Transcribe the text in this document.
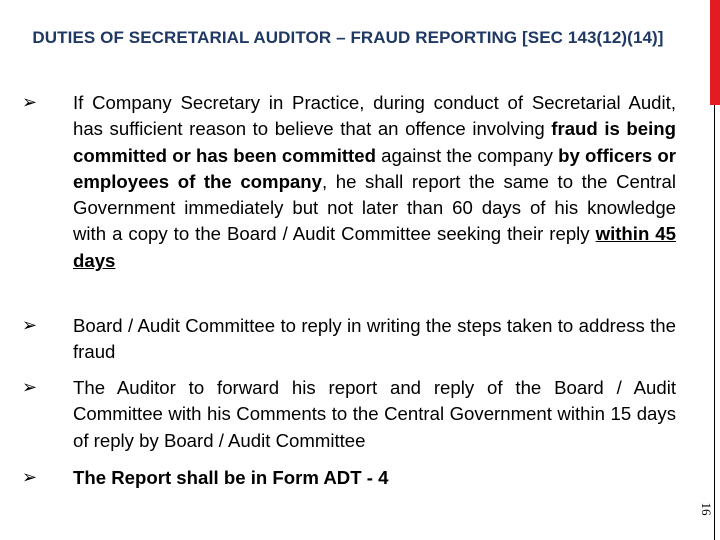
DUTIES OF SECRETARIAL AUDITOR – FRAUD REPORTING [SEC 143(12)(14)]
16
➢	If Company Secretary in Practice, during conduct of Secretarial Audit, has sufficient reason to believe that an offence involving fraud is being committed or has been committed against the company by officers or employees of the company, he shall report the same to the Central Government immediately but not later than 60 days of his knowledge with a copy to the Board / Audit Committee seeking their reply within 45 days
➢	Board / Audit Committee to reply in writing the steps taken to address the fraud
➢	The Auditor to forward his report and reply of the Board / Audit Committee with his Comments to the Central Government within 15 days of reply by Board / Audit Committee
➢	The Report shall be in Form ADT - 4
